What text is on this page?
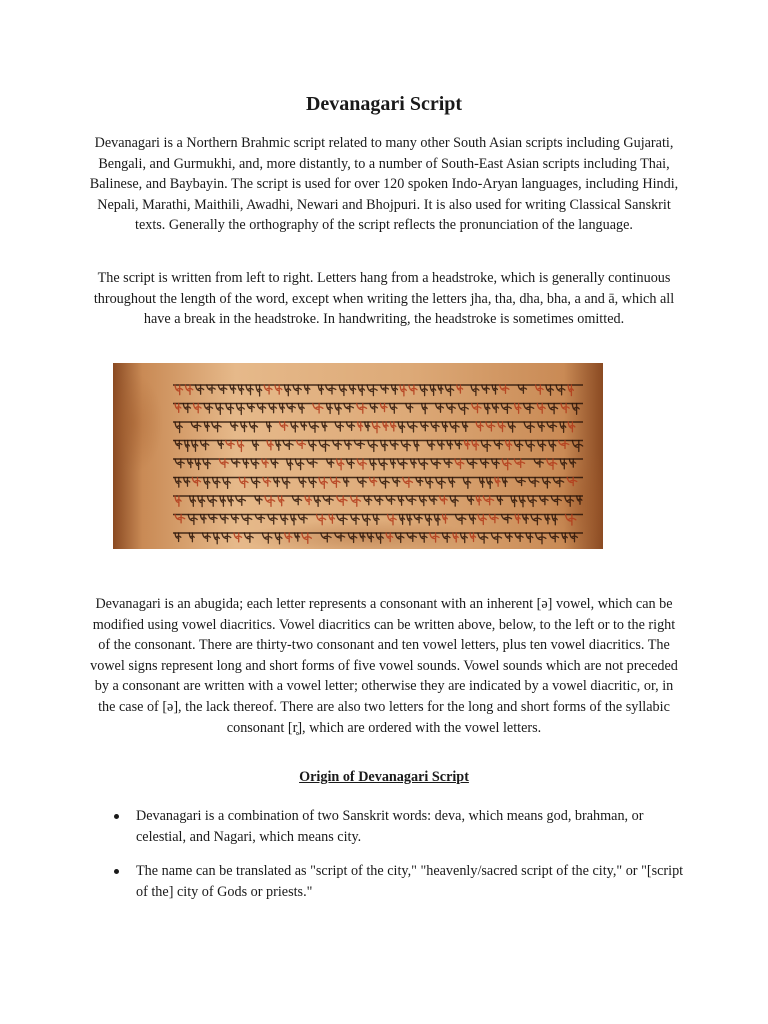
Devanagari Script

Devanagari is a Northern Brahmic script related to many other South Asian scripts including Gujarati, Bengali, and Gurmukhi, and, more distantly, to a number of South-East Asian scripts including Thai, Balinese, and Baybayin. The script is used for over 120 spoken Indo-Aryan languages, including Hindi, Nepali, Marathi, Maithili, Awadhi, Newari and Bhojpuri. It is also used for writing Classical Sanskrit texts. Generally the orthography of the script reflects the pronunciation of the language.

The script is written from left to right. Letters hang from a headstroke, which is generally continuous throughout the length of the word, except when writing the letters jha, tha, dha, bha, a and ā, which all have a break in the headstroke. In handwriting, the headstroke is sometimes omitted.

Devanagari is an abugida; each letter represents a consonant with an inherent [ə] vowel, which can be modified using vowel diacritics. Vowel diacritics can be written above, below, to the left or to the right of the consonant. There are thirty-two consonant and ten vowel letters, plus ten vowel diacritics. The vowel signs represent long and short forms of five vowel sounds. Vowel sounds which are not preceded by a consonant are written with a vowel letter; otherwise they are indicated by a vowel diacritic, or, in the case of [ə], the lack thereof. There are also two letters for the long and short forms of the syllabic consonant [r̥], which are ordered with the vowel letters.

Origin of Devanagari Script
Devanagari is a combination of two Sanskrit words: deva, which means god, brahman, or celestial, and Nagari, which means city.
The name can be translated as "script of the city," "heavenly/sacred script of the city," or "[script of the] city of Gods or priests."
